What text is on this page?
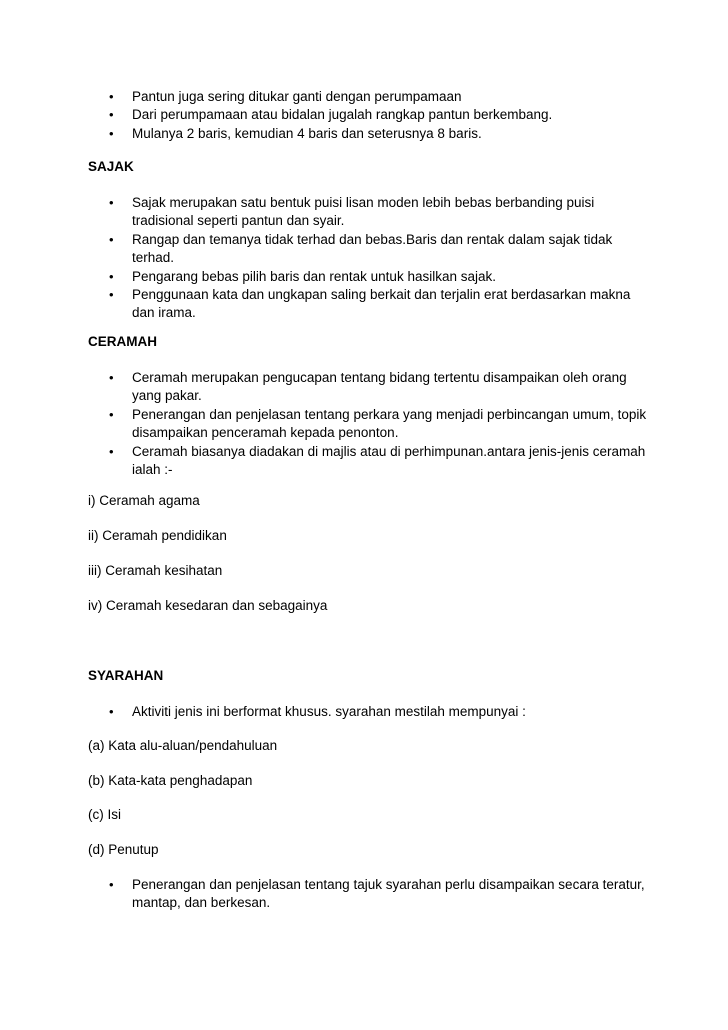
• Pantun juga sering ditukar ganti dengan perumpamaan
• Dari perumpamaan atau bidalan jugalah rangkap pantun berkembang.
• Mulanya 2 baris, kemudian 4 baris dan seterusnya 8 baris.
SAJAK
• Sajak merupakan satu bentuk puisi lisan moden lebih bebas berbanding puisi tradisional seperti pantun dan syair.
• Rangap dan temanya tidak terhad dan bebas.Baris dan rentak dalam sajak tidak terhad.
• Pengarang bebas pilih baris dan rentak untuk hasilkan sajak.
• Penggunaan kata dan ungkapan saling berkait dan terjalin erat berdasarkan makna dan irama.
CERAMAH
• Ceramah merupakan pengucapan tentang bidang tertentu disampaikan oleh orang yang pakar.
• Penerangan dan penjelasan tentang perkara yang menjadi perbincangan umum, topik disampaikan penceramah kepada penonton.
• Ceramah biasanya diadakan di majlis atau di perhimpunan.antara jenis-jenis ceramah ialah :-

i) Ceramah agama

ii) Ceramah pendidikan

iii) Ceramah kesihatan

iv) Ceramah kesedaran dan sebagainya

SYARAHAN
• Aktiviti jenis ini berformat khusus. syarahan mestilah mempunyai :

(a) Kata alu-aluan/pendahuluan

(b) Kata-kata penghadapan

(c) Isi

(d) Penutup

• Penerangan dan penjelasan tentang tajuk syarahan perlu disampaikan secara teratur, mantap, dan berkesan.
